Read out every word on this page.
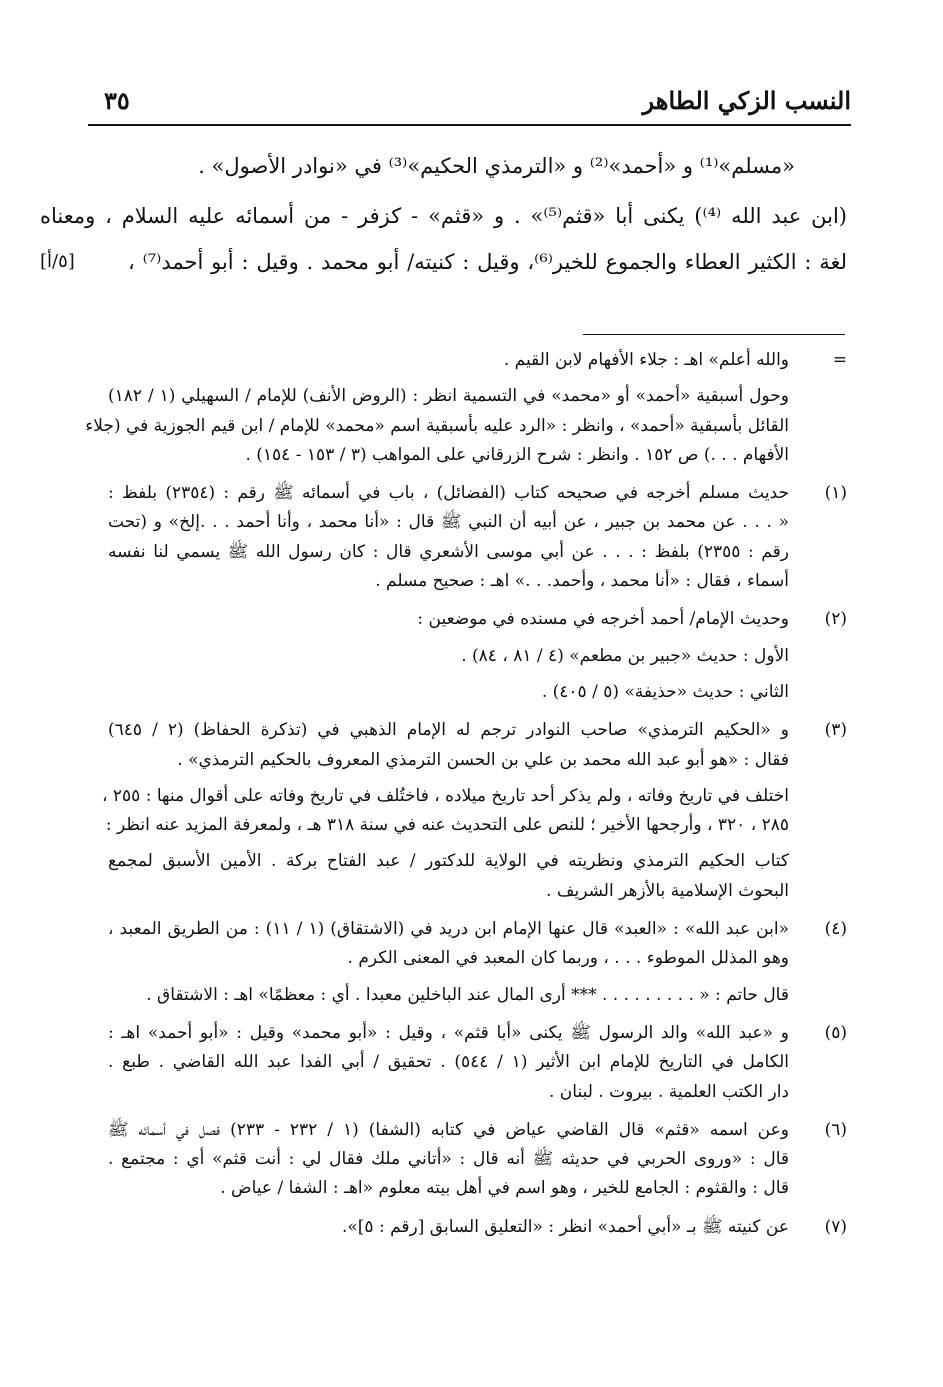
النسب الزكي الطاهر
٣٥
«مسلم»⁽¹⁾ و «أحمد»⁽²⁾ و «الترمذي الحكيم»⁽³⁾ في «نوادر الأصول» .
(ابن عبد الله ⁽⁴⁾) يكنى أبا «قثم⁽⁵⁾» . و «قثم» - كزفر - من أسمائه عليه السلام ، ومعناه
لغة : الكثير العطاء والجموع للخير⁽⁶⁾، وقيل : كنيته/ أبو محمد . وقيل : أبو أحمد⁽⁷⁾ ،
[٥/أ]
=
والله أعلم» اهـ : جلاء الأفهام لابن القيم .
وحول أسبقية «أحمد» أو «محمد» في التسمية انظر : (الروض الأنف) للإمام / السهيلي (١ / ١٨٢)
القائل بأسبقية «أحمد» ، وانظر : «الرد عليه بأسبقية اسم «محمد» للإمام / ابن قيم الجوزية في (جلاء
الأفهام . . .) ص ١٥٢ . وانظر : شرح الزرقاني على المواهب (٣ / ١٥٣ - ١٥٤) .
(١)
حديث مسلم أخرجه في صحيحه كتاب (الفضائل) ، باب في أسمائه ﷺ رقم : (٢٣٥٤) بلفظ :
« . . . عن محمد بن جبير ، عن أبيه أن النبي ﷺ قال : «أنا محمد ، وأنا أحمد . . .إلخ» و (تحت
رقم : ٢٣٥٥) بلفظ : . . . عن أبي موسى الأشعري قال : كان رسول الله ﷺ يسمي لنا نفسه
أسماء ، فقال : «أنا محمد ، وأحمد. . .» اهـ : صحيح مسلم .
(٢)
وحديث الإمام/ أحمد أخرجه في مسنده في موضعين :
الأول : حديث «جبير بن مطعم» (٤ / ٨١ ، ٨٤) .
الثاني : حديث «حذيفة» (٥ / ٤٠٥) .
(٣)
و «الحكيم الترمذي» صاحب النوادر ترجم له الإمام الذهبي في (تذكرة الحفاظ) (٢ / ٦٤٥)
فقال : «هو أبو عبد الله محمد بن علي بن الحسن الترمذي المعروف بالحكيم الترمذي» .
اختلف في تاريخ وفاته ، ولم يذكر أحد تاريخ ميلاده ، فاختُلف في تاريخ وفاته على أقوال منها : ٢٥٥ ،
٢٨٥ ، ٣٢٠ ، وأرجحها الأخير ؛ للنص على التحديث عنه في سنة ٣١٨ هـ ، ولمعرفة المزيد عنه انظر :
كتاب الحكيم الترمذي ونظريته في الولاية للدكتور / عبد الفتاح بركة . الأمين الأسبق لمجمع
البحوث الإسلامية بالأزهر الشريف .
(٤)
«ابن عبد الله» : «العبد» قال عنها الإمام ابن دريد في (الاشتقاق) (١ / ١١) : من الطريق المعبد ،
وهو المذلل الموطوء . . . ، وربما كان المعبد في المعنى الكرم .
قال حاتم : « . . . . . . . . . *** أرى المال عند الباخلين معبدا . أي : معظمًا» اهـ : الاشتقاق .
(٥)
و «عبد الله» والد الرسول ﷺ يكنى «أبا قثم» ، وقيل : «أبو محمد» وقيل : «أبو أحمد» اهـ :
الكامل في التاريخ للإمام ابن الأثير (١ / ٥٤٤) . تحقيق / أبي الفدا عبد الله القاضي . طبع .
دار الكتب العلمية . بيروت . لبنان .
(٦)
وعن اسمه «قثم» قال القاضي عياض في كتابه (الشفا) (١ / ٢٣٢ - ٢٣٣) فصل في أسمائه ﷺ
قال : «وروى الحربي في حديثه ﷺ أنه قال : «أتاني ملك فقال لي : أنت قثم» أي : مجتمع .
قال : والقثوم : الجامع للخير ، وهو اسم في أهل بيته معلوم «اهـ : الشفا / عياض .
(٧)
عن كنيته ﷺ بـ «أبي أحمد» انظر : «التعليق السابق [رقم : ٥]».
